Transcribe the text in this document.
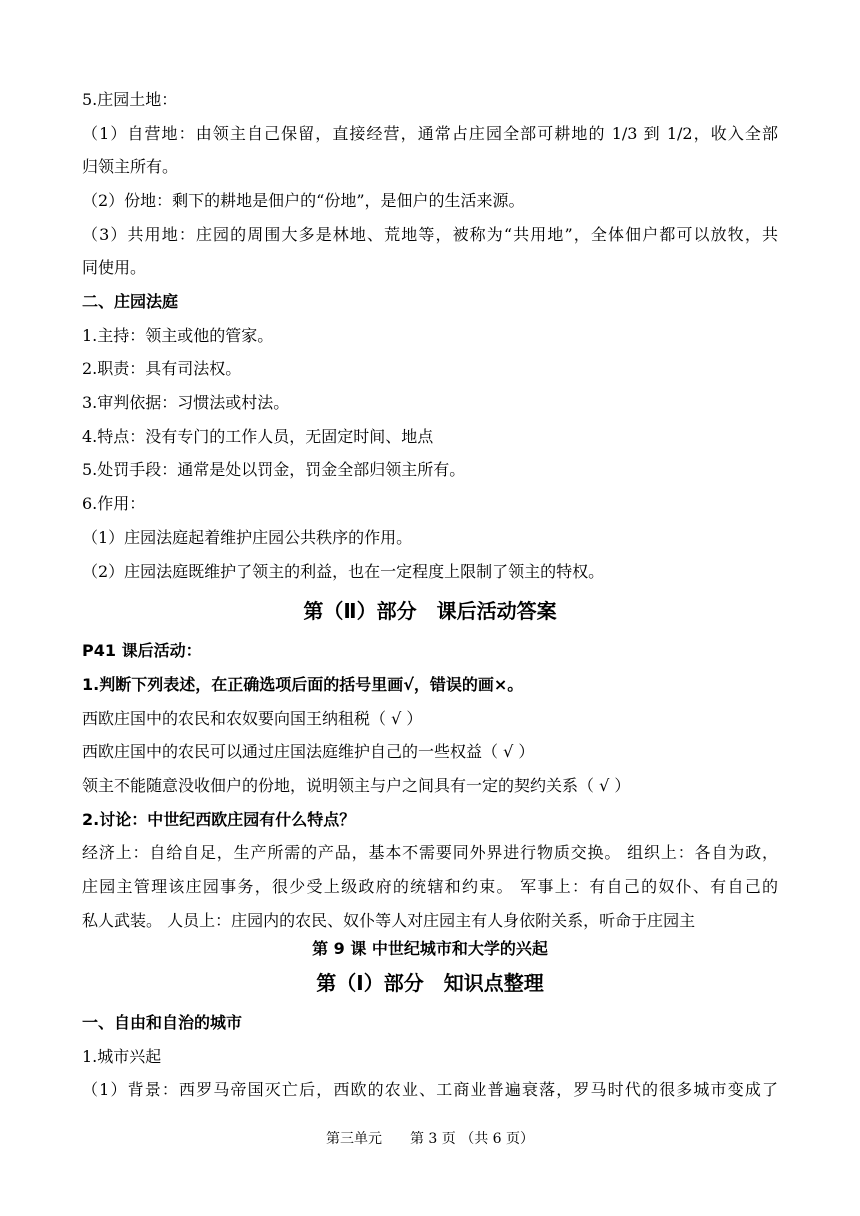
5.庄园土地：
（1）自营地：由领主自己保留，直接经营，通常占庄园全部可耕地的 1/3 到 1/2，收入全部
归领主所有。
（2）份地：剩下的耕地是佃户的“份地”，是佃户的生活来源。
（3）共用地：庄园的周围大多是林地、荒地等，被称为“共用地”，全体佃户都可以放牧，共
同使用。
二、庄园法庭
1.主持：领主或他的管家。
2.职责：具有司法权。
3.审判依据：习惯法或村法。
4.特点：没有专门的工作人员，无固定时间、地点
5.处罚手段：通常是处以罚金，罚金全部归领主所有。
6.作用：
（1）庄园法庭起着维护庄园公共秩序的作用。
（2）庄园法庭既维护了领主的利益，也在一定程度上限制了领主的特权。
第（Ⅱ）部分　课后活动答案
P41 课后活动：
1.判断下列表述，在正确选项后面的括号里画√，错误的画×。
西欧庄国中的农民和农奴要向国王纳租税（ √ ）
西欧庄国中的农民可以通过庄国法庭维护自己的一些权益（ √ ）
领主不能随意没收佃户的份地，说明领主与户之间具有一定的契约关系（ √ ）
2.讨论：中世纪西欧庄园有什么特点？
经济上：自给自足，生产所需的产品，基本不需要同外界进行物质交换。 组织上：各自为政，
庄园主管理该庄园事务，很少受上级政府的统辖和约束。 军事上：有自己的奴仆、有自己的
私人武装。 人员上：庄园内的农民、奴仆等人对庄园主有人身依附关系，听命于庄园主
第 9 课 中世纪城市和大学的兴起
第（Ⅰ）部分　知识点整理
一、自由和自治的城市
1.城市兴起
（1）背景：西罗马帝国灭亡后，西欧的农业、工商业普遍衰落，罗马时代的很多城市变成了
第三单元　　第 3 页 （共 6 页）
